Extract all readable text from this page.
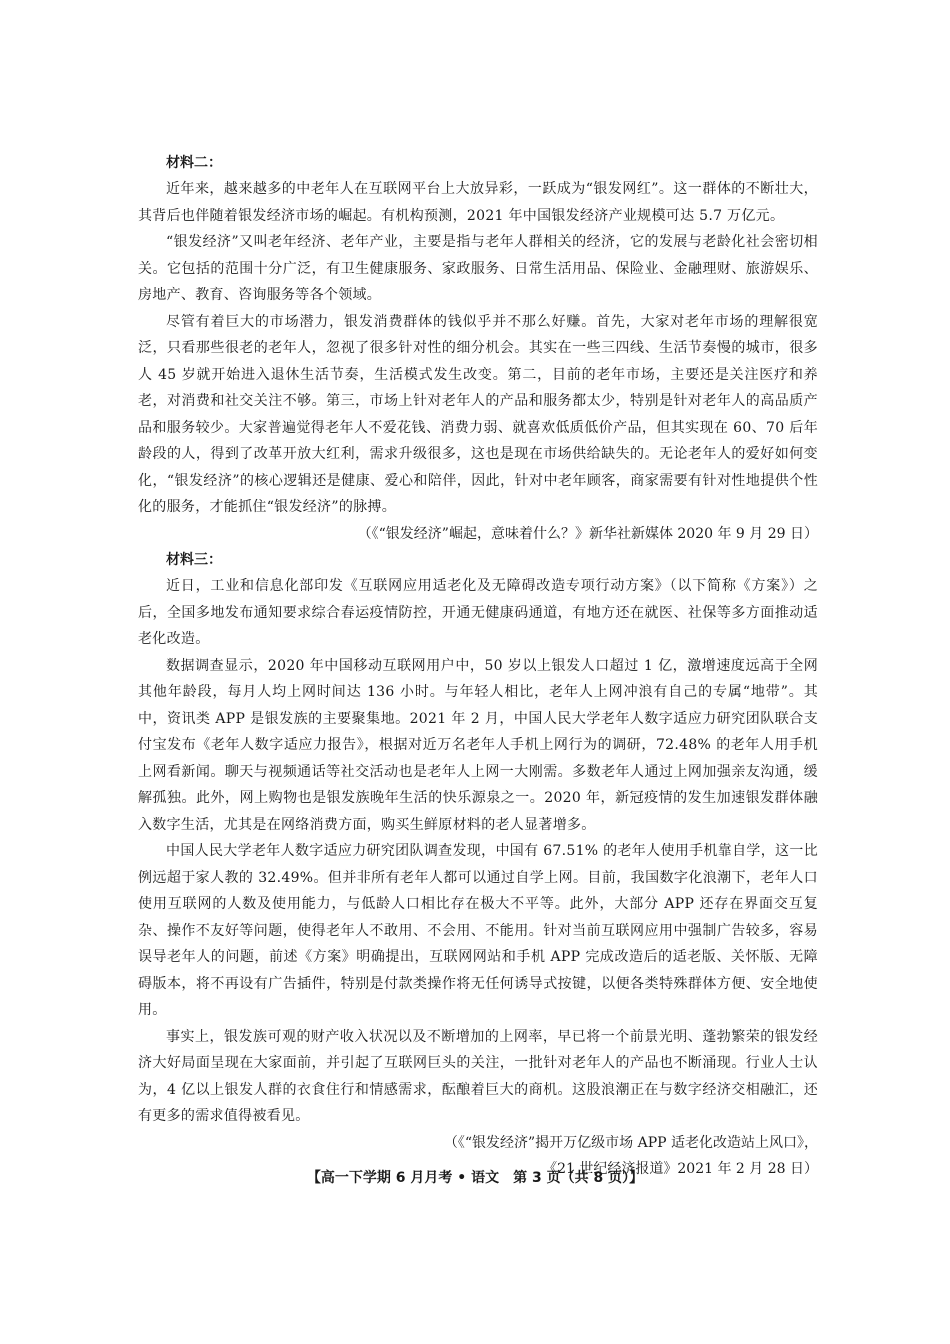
材料二：

近年来，越来越多的中老年人在互联网平台上大放异彩，一跃成为“银发网红”。这一群体的不断壮大，其背后也伴随着银发经济市场的崛起。有机构预测，2021 年中国银发经济产业规模可达 5.7 万亿元。

“银发经济”又叫老年经济、老年产业，主要是指与老年人群相关的经济，它的发展与老龄化社会密切相关。它包括的范围十分广泛，有卫生健康服务、家政服务、日常生活用品、保险业、金融理财、旅游娱乐、房地产、教育、咨询服务等各个领域。

尽管有着巨大的市场潜力，银发消费群体的钱似乎并不那么好赚。首先，大家对老年市场的理解很宽泛，只看那些很老的老年人，忽视了很多针对性的细分机会。其实在一些三四线、生活节奏慢的城市，很多人 45 岁就开始进入退休生活节奏，生活模式发生改变。第二，目前的老年市场，主要还是关注医疗和养老，对消费和社交关注不够。第三，市场上针对老年人的产品和服务都太少，特别是针对老年人的高品质产品和服务较少。大家普遍觉得老年人不爱花钱、消费力弱、就喜欢低质低价产品，但其实现在 60、70 后年龄段的人，得到了改革开放大红利，需求升级很多，这也是现在市场供给缺失的。无论老年人的爱好如何变化，“银发经济”的核心逻辑还是健康、爱心和陪伴，因此，针对中老年顾客，商家需要有针对性地提供个性化的服务，才能抓住“银发经济”的脉搏。

（《“银发经济”崛起，意味着什么？》新华社新媒体 2020 年 9 月 29 日）

材料三：

近日，工业和信息化部印发《互联网应用适老化及无障碍改造专项行动方案》（以下简称《方案》）之后，全国多地发布通知要求综合春运疫情防控，开通无健康码通道，有地方还在就医、社保等多方面推动适老化改造。

数据调查显示，2020 年中国移动互联网用户中，50 岁以上银发人口超过 1 亿，激增速度远高于全网其他年龄段，每月人均上网时间达 136 小时。与年轻人相比，老年人上网冲浪有自己的专属“地带”。其中，资讯类 APP 是银发族的主要聚集地。2021 年 2 月，中国人民大学老年人数字适应力研究团队联合支付宝发布《老年人数字适应力报告》，根据对近万名老年人手机上网行为的调研，72.48% 的老年人用手机上网看新闻。聊天与视频通话等社交活动也是老年人上网一大刚需。多数老年人通过上网加强亲友沟通，缓解孤独。此外，网上购物也是银发族晚年生活的快乐源泉之一。2020 年，新冠疫情的发生加速银发群体融入数字生活，尤其是在网络消费方面，购买生鲜原材料的老人显著增多。

中国人民大学老年人数字适应力研究团队调查发现，中国有 67.51% 的老年人使用手机靠自学，这一比例远超于家人教的 32.49%。但并非所有老年人都可以通过自学上网。目前，我国数字化浪潮下，老年人口使用互联网的人数及使用能力，与低龄人口相比存在极大不平等。此外，大部分 APP 还存在界面交互复杂、操作不友好等问题，使得老年人不敢用、不会用、不能用。针对当前互联网应用中强制广告较多，容易误导老年人的问题，前述《方案》明确提出，互联网网站和手机 APP 完成改造后的适老版、关怀版、无障碍版本，将不再设有广告插件，特别是付款类操作将无任何诱导式按键，以便各类特殊群体方便、安全地使用。

事实上，银发族可观的财产收入状况以及不断增加的上网率，早已将一个前景光明、蓬勃繁荣的银发经济大好局面呈现在大家面前，并引起了互联网巨头的关注，一批针对老年人的产品也不断涌现。行业人士认为，4 亿以上银发人群的衣食住行和情感需求，酝酿着巨大的商机。这股浪潮正在与数字经济交相融汇，还有更多的需求值得被看见。

（《“银发经济”揭开万亿级市场 APP 适老化改造站上风口》，

《21 世纪经济报道》2021 年 2 月 28 日）

【高一下学期 6 月月考 • 语文　第 3 页（共 8 页）】
